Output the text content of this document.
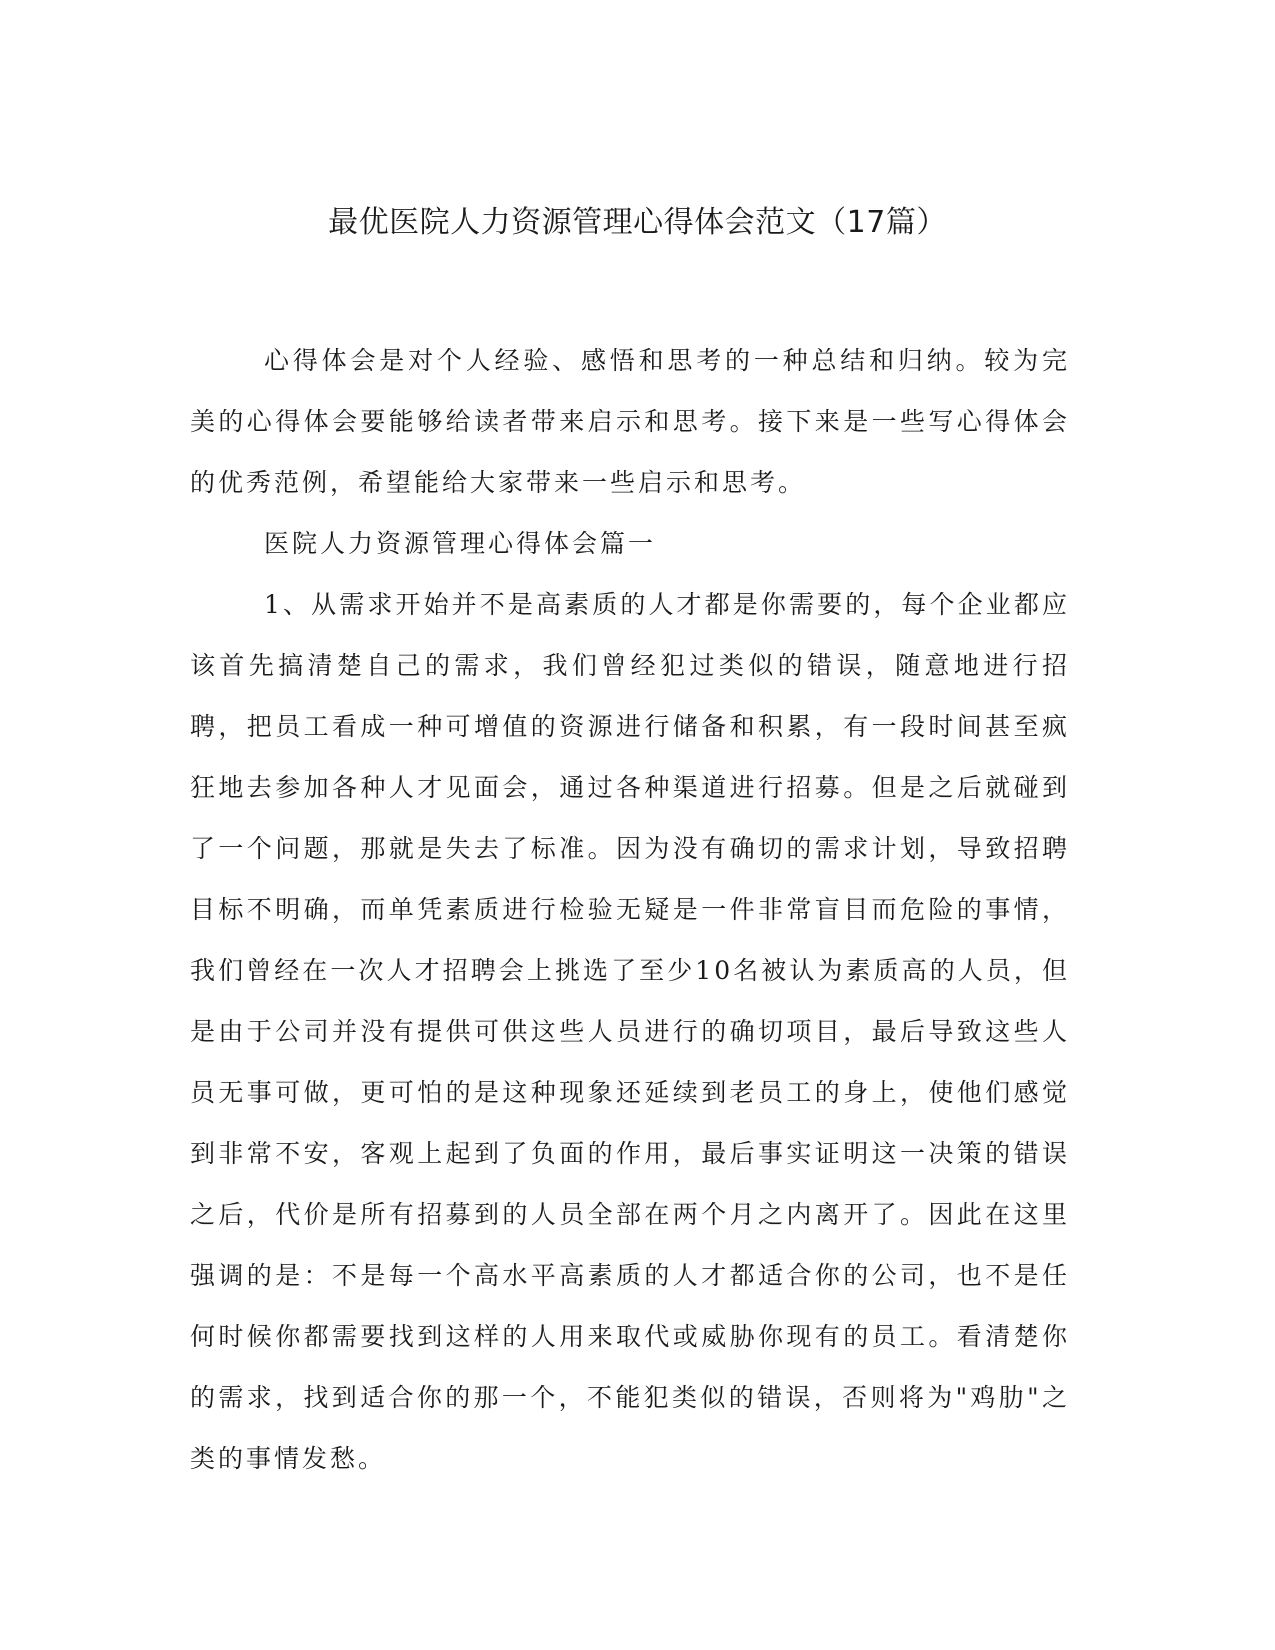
最优医院人力资源管理心得体会范文（17篇）

心得体会是对个人经验、感悟和思考的一种总结和归纳。较为完美的心得体会要能够给读者带来启示和思考。接下来是一些写心得体会的优秀范例，希望能给大家带来一些启示和思考。

医院人力资源管理心得体会篇一

1、从需求开始并不是高素质的人才都是你需要的，每个企业都应该首先搞清楚自己的需求，我们曾经犯过类似的错误，随意地进行招聘，把员工看成一种可增值的资源进行储备和积累，有一段时间甚至疯狂地去参加各种人才见面会，通过各种渠道进行招募。但是之后就碰到了一个问题，那就是失去了标准。因为没有确切的需求计划，导致招聘目标不明确，而单凭素质进行检验无疑是一件非常盲目而危险的事情，我们曾经在一次人才招聘会上挑选了至少10名被认为素质高的人员，但是由于公司并没有提供可供这些人员进行的确切项目，最后导致这些人员无事可做，更可怕的是这种现象还延续到老员工的身上，使他们感觉到非常不安，客观上起到了负面的作用，最后事实证明这一决策的错误之后，代价是所有招募到的人员全部在两个月之内离开了。因此在这里强调的是：不是每一个高水平高素质的人才都适合你的公司，也不是任何时候你都需要找到这样的人用来取代或威胁你现有的员工。看清楚你的需求，找到适合你的那一个，不能犯类似的错误，否则将为"鸡肋"之类的事情发愁。
